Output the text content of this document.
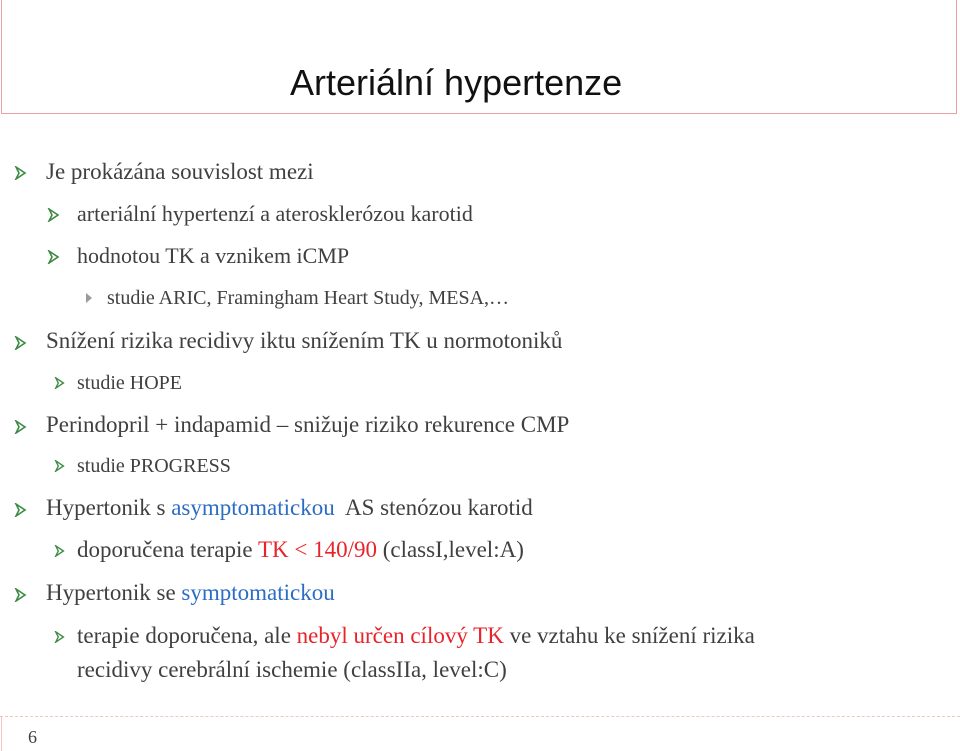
Arteriální hypertenze
Je prokázána souvislost mezi
arteriální hypertenzí a aterosklerózou karotid
hodnotou TK a vznikem iCMP
studie ARIC, Framingham Heart Study, MESA,…
Snížení rizika recidivy iktu snížením TK u normotoniků
studie HOPE
Perindopril + indapamid – snižuje riziko rekurence CMP
studie PROGRESS
Hypertonik s asymptomatickou  AS stenózou karotid
doporučena terapie TK < 140/90 (classI,level:A)
Hypertonik se symptomatickou
terapie doporučena, ale nebyl určen cílový TK ve vztahu ke snížení rizika
recidivy cerebrální ischemie (classIIa, level:C)
6
